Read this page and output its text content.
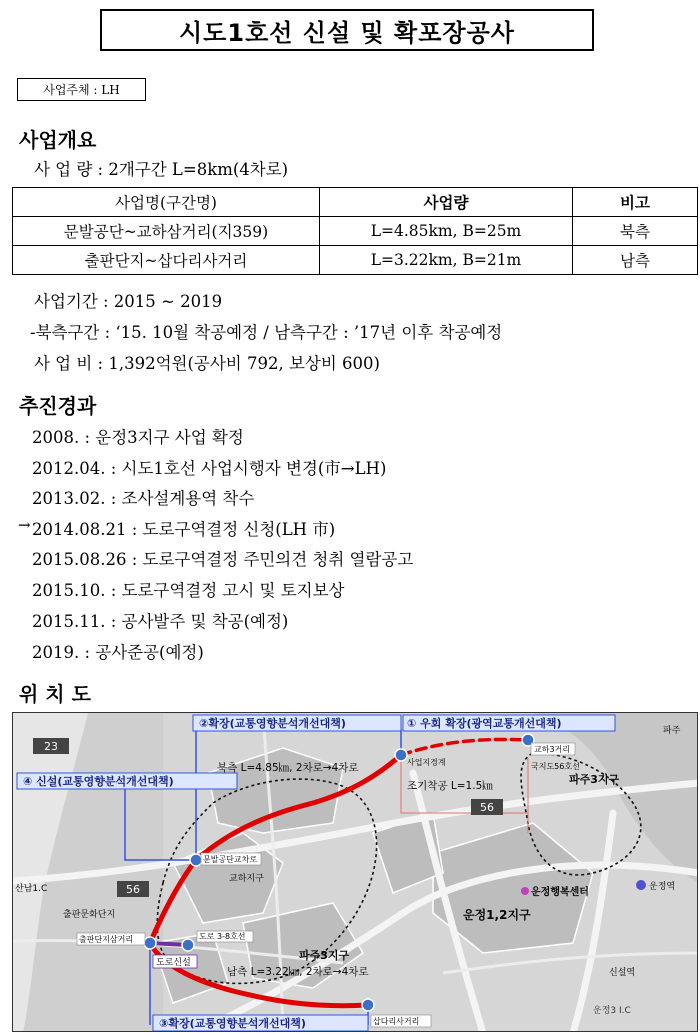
시도1호선 신설 및 확포장공사
사업주체 : LH
사업개요
사 업 량 : 2개구간 L=8km(4차로)
사업명(구간명)	사업량	비고
문발공단~교하삼거리(지359)	L=4.85km, B=25m	북측
출판단지~삽다리사거리	L=3.22km, B=21m	남측
사업기간 : 2015 ~ 2019
-북측구간 : ‘15. 10월 착공예정 / 남측구간 : ’17년 이후 착공예정
사 업 비 : 1,392억원(공사비 792, 보상비 600)
추진경과
2008. : 운정3지구 사업 확정
2012.04. : 시도1호선 사업시행자 변경(市→LH)
2013.02. : 조사설계용역 착수
→ 2014.08.21 : 도로구역결정 신청(LH 市)
2015.08.26 : 도로구역결정 주민의견 청취 열람공고
2015.10. : 도로구역결정 고시 및 토지보상
2015.11. : 공사발주 및 착공(예정)
2019. : 공사준공(예정)
위 치 도
②확장(교통영향분석개선대책)	① 우회 확장(광역교통개선대책)
④ 신설(교통영향분석개선대책)
③확장(교통영향분석개선대책)
23
56
56
북측 L=4.85㎞, 2차로→4차로
남측 L=3.22㎞, 2차로→4차로
조기착공 L=1.5㎞	파주3지구
파주3지구
운정1,2지구
교하지구
출판문화단지
산남1.C
운정3 I.C
운정행복센터	운정역
신설역
파주
교하3거리
문발공단교차로
출판단지삼거리
삽다리사거리
도로 3-8호선
사업지경계	국지도56호선
도로신설
